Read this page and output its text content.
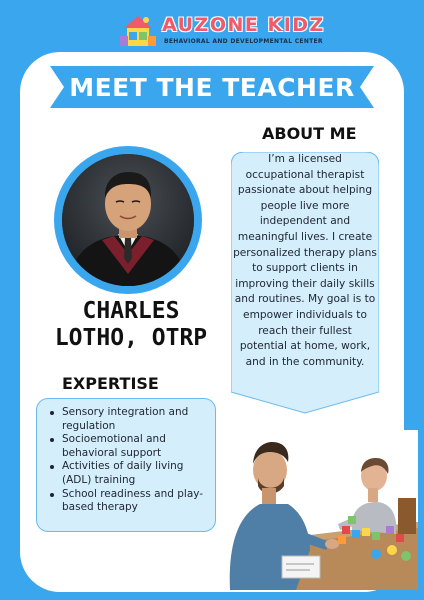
AUZONE KIDZ
BEHAVIORAL AND DEVELOPMENTAL CENTER
MEET THE TEACHER
CHARLES LOTHO, OTRP
ABOUT ME
I’m a licensed occupational therapist passionate about helping people live more independent and meaningful lives. I create personalized therapy plans to support clients in improving their daily skills and routines. My goal is to empower individuals to reach their fullest potential at home, work, and in the community.
EXPERTISE
Sensory integration and regulation
Socioemotional and behavioral support
Activities of daily living (ADL) training
School readiness and play-based therapy
